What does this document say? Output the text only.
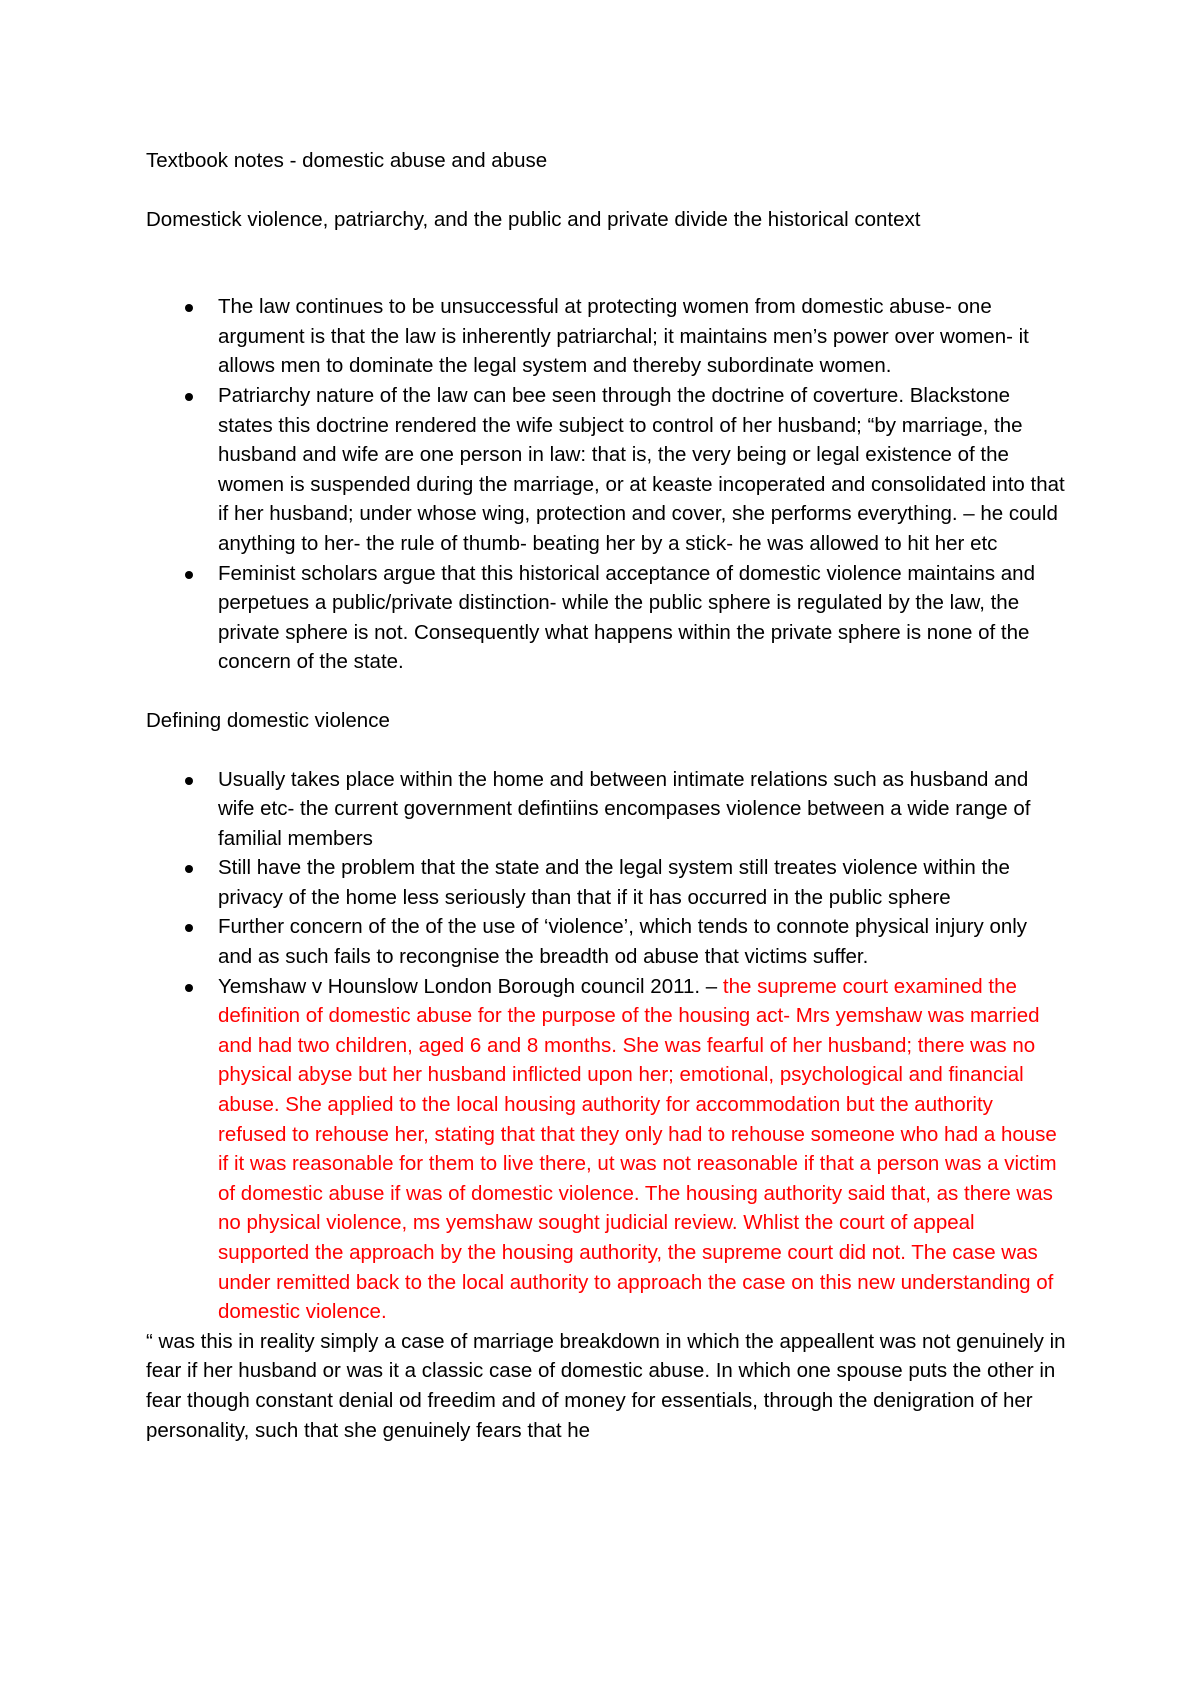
Textbook notes - domestic abuse and abuse

Domestick violence, patriarchy, and the public and private divide the historical context

The law continues to be unsuccessful at protecting women from domestic abuse- one argument is that the law is inherently patriarchal; it maintains men’s power over women- it allows men to dominate the legal system and thereby subordinate women.
Patriarchy nature of the law can bee seen through the doctrine of coverture. Blackstone states this doctrine rendered the wife subject to control of her husband; “by marriage, the husband and wife are one person in law: that is, the very being or legal existence of the women is suspended during the marriage, or at keaste incoperated and consolidated into that if her husband; under whose wing, protection and cover, she performs everything. – he could anything to her- the rule of thumb- beating her by a stick- he was allowed to hit her etc
Feminist scholars argue that this historical acceptance of domestic violence maintains and perpetues a public/private distinction- while the public sphere is regulated by the law, the private sphere is not. Consequently what happens within the private sphere is none of the concern of the state.

Defining domestic violence

Usually takes place within the home and between intimate relations such as husband and wife etc- the current government defintiins encompases violence between a wide range of familial members
Still have the problem that the state and the legal system still treates violence within the privacy of the home less seriously than that if it has occurred in the public sphere
Further concern of the of the use of ‘violence’, which tends to connote physical injury only and as such fails to recongnise the breadth od abuse that victims suffer.
Yemshaw v Hounslow London Borough council 2011. – the supreme court examined the definition of domestic abuse for the purpose of the housing act- Mrs yemshaw was married and had two children, aged 6 and 8 months. She was fearful of her husband; there was no physical abyse but her husband inflicted upon her; emotional, psychological and financial abuse. She applied to the local housing authority for accommodation but the authority refused to rehouse her, stating that that they only had to rehouse someone who had a house if it was reasonable for them to live there, ut was not reasonable if that a person was a victim of domestic abuse if was of domestic violence. The housing authority said that, as there was no physical violence, ms yemshaw sought judicial review. Whlist the court of appeal supported the approach by the housing authority, the supreme court did not. The case was under remitted back to the local authority to approach the case on this new understanding of domestic violence.

“ was this in reality simply a case of marriage breakdown in which the appeallent was not genuinely in fear if her husband or was it a classic case of domestic abuse. In which one spouse puts the other in fear though constant denial od freedim and of money for essentials, through the denigration of her personality, such that she genuinely fears that he
